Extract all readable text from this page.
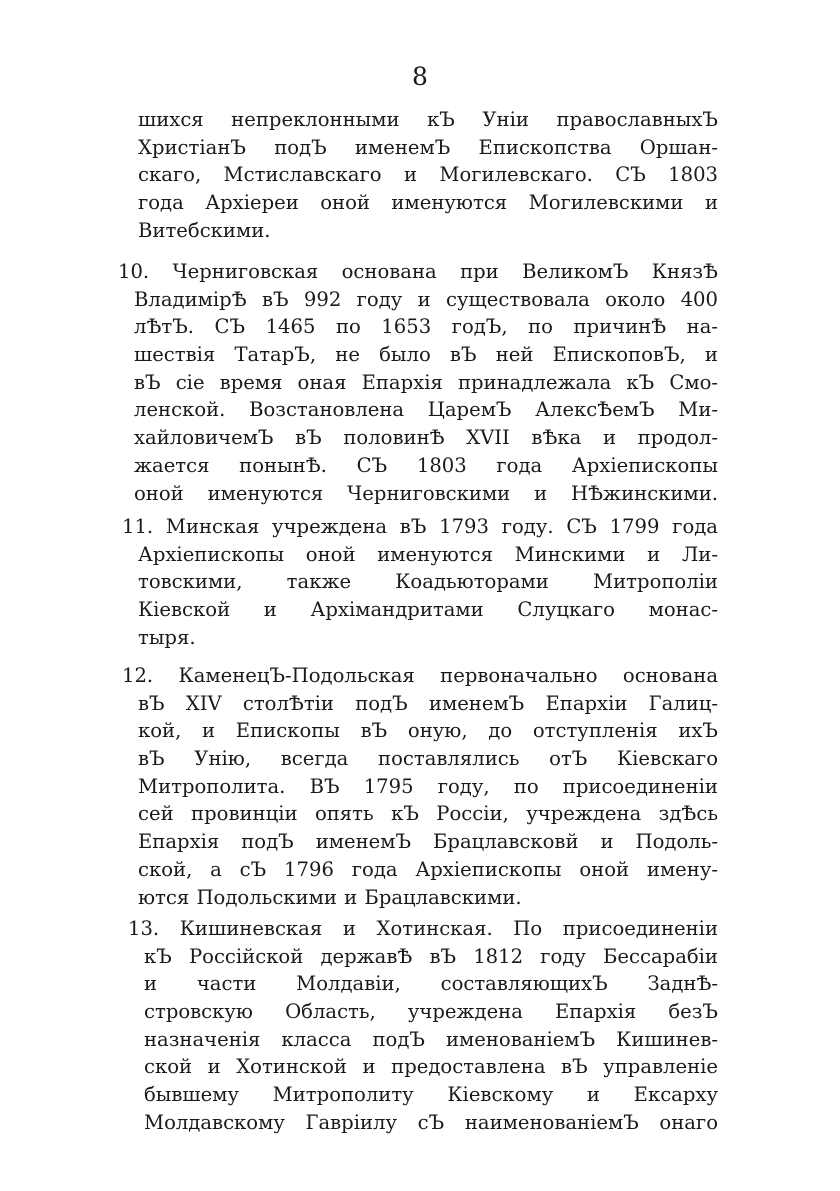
8
шихся непреклонными кЪ Уніи православныхЪ
ХристіанЪ подЪ именемЪ Епископства Оршан-
скаго, Мстиславскаго и Могилевскаго. СЪ 1803
года Архіереи оной именуются Могилевскими и
Витебскими.
10. Черниговская основана при ВеликомЪ КнязѢ
ВладимірѢ вЪ 992 году и существовала около 400
лѢтЪ. СЪ 1465 по 1653 годЪ, по причинѢ на-
шествія ТатарЪ, не было вЪ ней ЕпископовЪ, и
вЪ сіе время оная Епархія принадлежала кЪ Смо-
ленской. Возстановлена ЦаремЪ АлексѢемЪ Ми-
хайловичемЪ вЪ половинѢ XVII вѢка и продол-
жается понынѢ. СЪ 1803 года Архіепископы
оной именуются Черниговскими и НѢжинскими.
11. Минская учреждена вЪ 1793 году. СЪ 1799 года
Архіепископы оной именуются Минскими и Ли-
товскими, также Коадьюторами Митрополіи
Кіевской и Архімандритами Слуцкаго монас-
тыря.
12. КаменецЪ-Подольская первоначально основана
вЪ XIV столѢтіи подЪ именемЪ Епархіи Галиц-
кой, и Епископы вЪ оную, до отступленія ихЪ
вЪ Унію, всегда поставлялись отЪ Кіевскаго
Митрополита. ВЪ 1795 году, по присоединеніи
сей провинціи опять кЪ Россіи, учреждена здѢсь
Епархія подЪ именемЪ Брацлавсковй и Подоль-
ской, а сЪ 1796 года Архіепископы оной имену-
ются Подольскими и Брацлавскими.
13. Кишиневская и Хотинская. По присоединеніи
кЪ Россійской державѢ вЪ 1812 году Бессарабіи
и части Молдавіи, составляющихЪ ЗаднѢ-
стровскую Область, учреждена Епархія безЪ
назначенія класса подЪ именованіемЪ Кишинев-
ской и Хотинской и предоставлена вЪ управленіе
бывшему Митрополиту Кіевскому и Ексарху
Молдавскому Гавріилу сЪ наименованіемЪ онаго
